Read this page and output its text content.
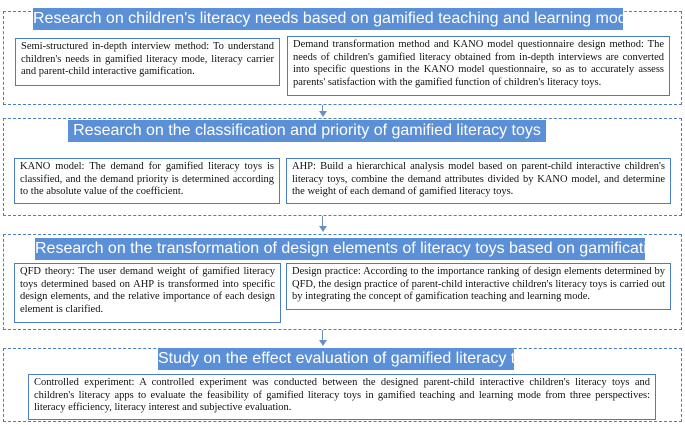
Research on children's literacy needs based on gamified teaching and learning models
Semi-structured in-depth interview method: To understand children's needs in gamified literacy mode, literacy carrier and parent-child interactive gamification.
Demand transformation method and KANO model questionnaire design method: The needs of children's gamified literacy obtained from in-depth interviews are converted into specific questions in the KANO model questionnaire, so as to accurately assess parents' satisfaction with the gamified function of children's literacy toys.
Research on the classification and priority of gamified literacy toys
KANO model: The demand for gamified literacy toys is classified, and the demand priority is determined according to the absolute value of the coefficient.
AHP: Build a hierarchical analysis model based on parent-child interactive children's literacy toys, combine the demand attributes divided by KANO model, and determine the weight of each demand of gamified literacy toys.
Research on the transformation of design elements of literacy toys based on gamification
QFD theory: The user demand weight of gamified literacy toys determined based on AHP is transformed into specific design elements, and the relative importance of each design element is clarified.
Design practice: According to the importance ranking of design elements determined by QFD, the design practice of parent-child interactive children's literacy toys is carried out by integrating the concept of gamification teaching and learning mode.
Study on the effect evaluation of gamified literacy toys
Controlled experiment: A controlled experiment was conducted between the designed parent-child interactive children's literacy toys and children's literacy apps to evaluate the feasibility of gamified literacy toys in gamified teaching and learning mode from three perspectives: literacy efficiency, literacy interest and subjective evaluation.
